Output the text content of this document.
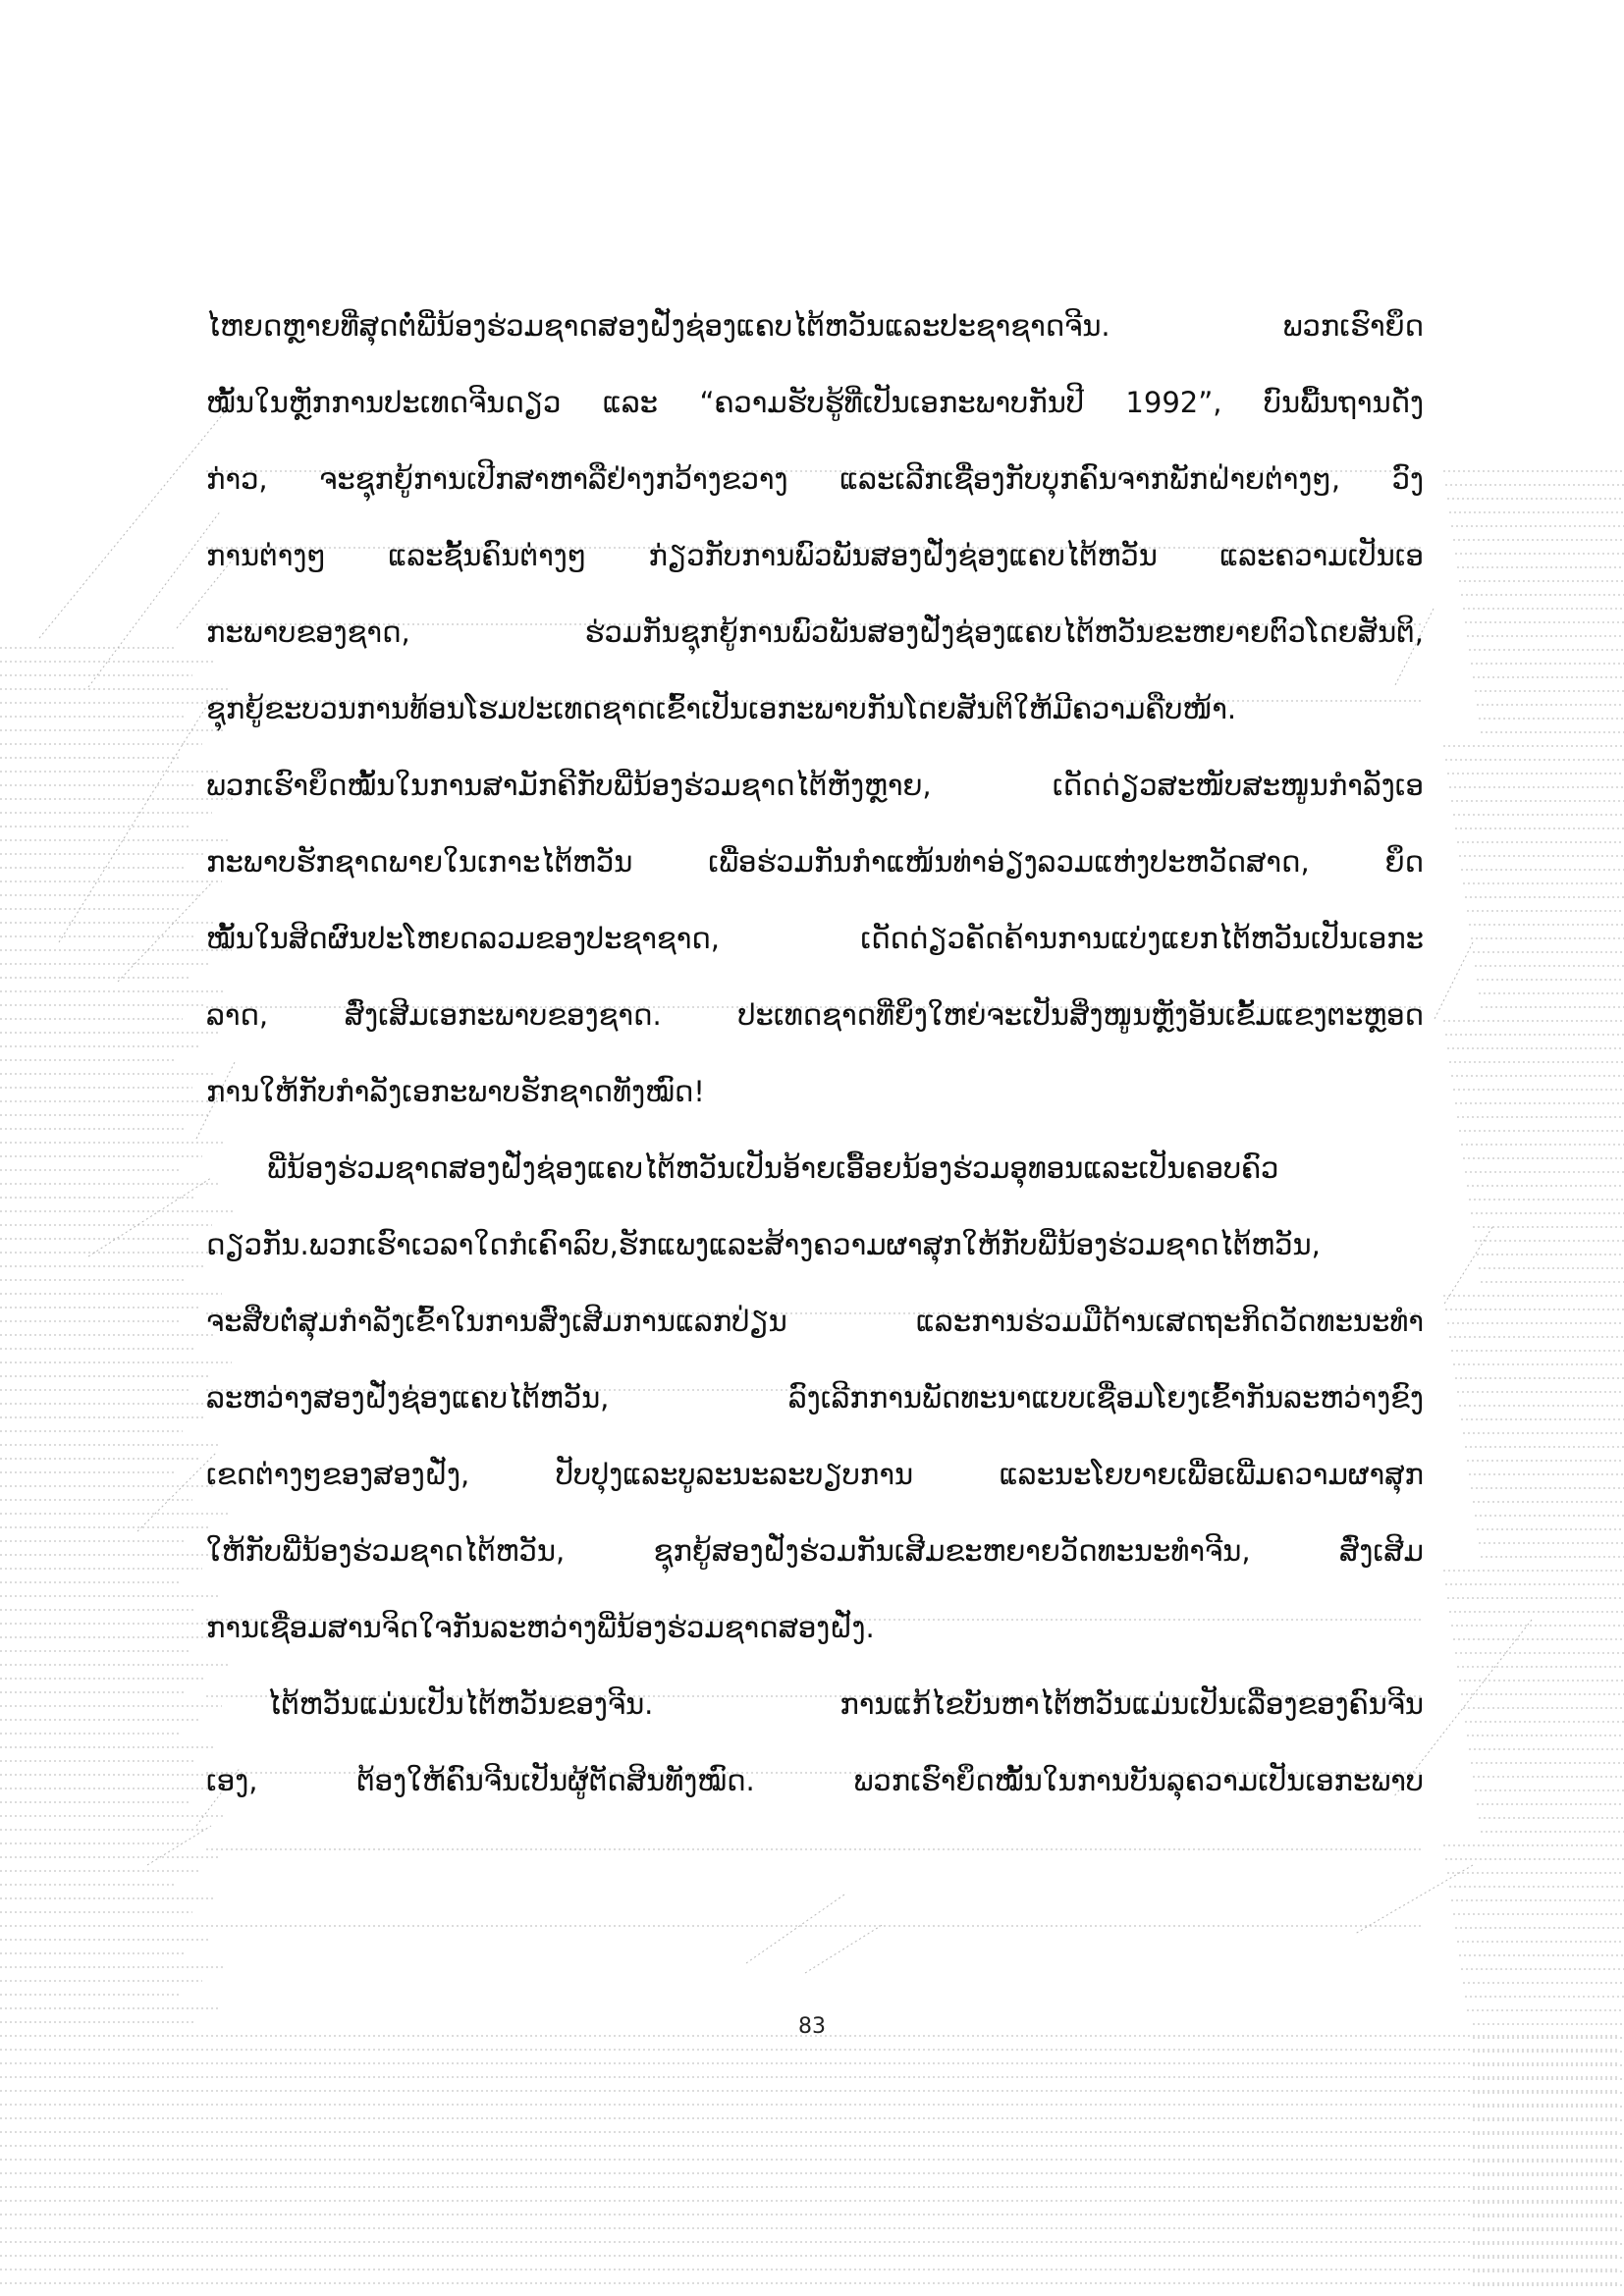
ໄຫຍດຫຼາຍທີ່ສຸດຕໍ່ພີ່ນ້ອງຮ່ວມຊາດສອງຝັ່ງຊ່ອງແຄບໄຕ້ຫວັນແລະປະຊາຊາດຈີນ. ພວກເຮົາຍຶດ
ໝັ້ນໃນຫຼັກການປະເທດຈີນດຽວ ແລະ “ຄວາມຮັບຮູ້ທີ່ເປັນເອກະພາບກັນປີ 1992”, ບົນພື້ນຖານດັ່ງ
ກ່າວ, ຈະຊຸກຍູ້ການເປີກສາຫາລືຢ່າງກວ້າງຂວາງ ແລະເລີກເຊື່ອງກັບບຸກຄົນຈາກພັກຝ່າຍຕ່າງໆ, ວົງ
ການຕ່າງໆ ແລະຊັ້ນຄົນຕ່າງໆ ກ່ຽວກັບການພົວພັນສອງຝັ່ງຊ່ອງແຄບໄຕ້ຫວັນ ແລະຄວາມເປັນເອ
ກະພາບຂອງຊາດ, ຮ່ວມກັນຊຸກຍູ້ການພົວພັນສອງຝັ່ງຊ່ອງແຄບໄຕ້ຫວັນຂະຫຍາຍຕົວໂດຍສັນຕິ,
ຊຸກຍູ້ຂະບວນການທ້ອນໂຮມປະເທດຊາດເຂົ້າເປັນເອກະພາບກັນໂດຍສັນຕິໃຫ້ມີຄວາມຄືບໜ້າ.
ພວກເຮົາຍຶດໝັ້ນໃນການສາມັກຄີກັບພີ່ນ້ອງຮ່ວມຊາດໄຕ້ຫັງຫຼາຍ, ເດັດດ່ຽວສະໜັບສະໜູນກຳລັງເອ
ກະພາບຮັກຊາດພາຍໃນເກາະໄຕ້ຫວັນ ເພື່ອຮ່ວມກັນກໍາແໜ້ນທ່າອ່ຽງລວມແຫ່ງປະຫວັດສາດ, ຍຶດ
ໝັ້ນໃນສິດຜົນປະໂຫຍດລວມຂອງປະຊາຊາດ, ເດັດດ່ຽວຄັດຄ້ານການແບ່ງແຍກໄຕ້ຫວັນເປັນເອກະ
ລາດ, ສົ່ງເສີມເອກະພາບຂອງຊາດ. ປະເທດຊາດທີ່ຍິ່ງໃຫຍ່ຈະເປັນສິ່ງໜູນຫຼັງອັນເຂັ້ມແຂງຕະຫຼອດ
ການໃຫ້ກັບກໍາລັງເອກະພາບຮັກຊາດທັງໝົດ!
ພີ່ນ້ອງຮ່ວມຊາດສອງຝັ່ງຊ່ອງແຄບໄຕ້ຫວັນເປັນອ້າຍເອື້ອຍນ້ອງຮ່ວມອຸທອນແລະເປັນຄອບຄົວ
ດຽວກັນ.ພວກເຮົາເວລາໃດກໍເຄົາລົບ,ຮັກແພງແລະສ້າງຄວາມຜາສຸກໃຫ້ກັບພີ່ນ້ອງຮ່ວມຊາດໄຕ້ຫວັນ,
ຈະສືບຕໍ່ສຸມກໍາລັງເຂົ້າໃນການສົ່ງເສີມການແລກປ່ຽນ ແລະການຮ່ວມມືດ້ານເສດຖະກິດວັດທະນະທໍາ
ລະຫວ່າງສອງຝັ່ງຊ່ອງແຄບໄຕ້ຫວັນ, ລົງເລີກການພັດທະນາແບບເຊື່ອມໂຍງເຂົ້າກັນລະຫວ່າງຂົງ
ເຂດຕ່າງໆຂອງສອງຝັ່ງ, ປັບປຸງແລະບູລະນະລະບຽບການ ແລະນະໂຍບາຍເພື່ອເພີ່ມຄວາມຜາສຸກ
ໃຫ້ກັບພີ່ນ້ອງຮ່ວມຊາດໄຕ້ຫວັນ, ຊຸກຍູ້ສອງຝັ່ງຮ່ວມກັນເສີມຂະຫຍາຍວັດທະນະທໍາຈີນ, ສົ່ງເສີມ
ການເຊື່ອມສານຈິດໃຈກັນລະຫວ່າງພີ່ນ້ອງຮ່ວມຊາດສອງຝັ່ງ.
ໄຕ້ຫວັນແມ່ນເປັນໄຕ້ຫວັນຂອງຈີນ. ການແກ້ໄຂບັນຫາໄຕ້ຫວັນແມ່ນເປັນເລື່ອງຂອງຄົນຈີນ
ເອງ, ຕ້ອງໃຫ້ຄົນຈີນເປັນຜູ້ຕັດສິນທັງໝົດ. ພວກເຮົາຍຶດໝັ້ນໃນການບັນລຸຄວາມເປັນເອກະພາບ
83
